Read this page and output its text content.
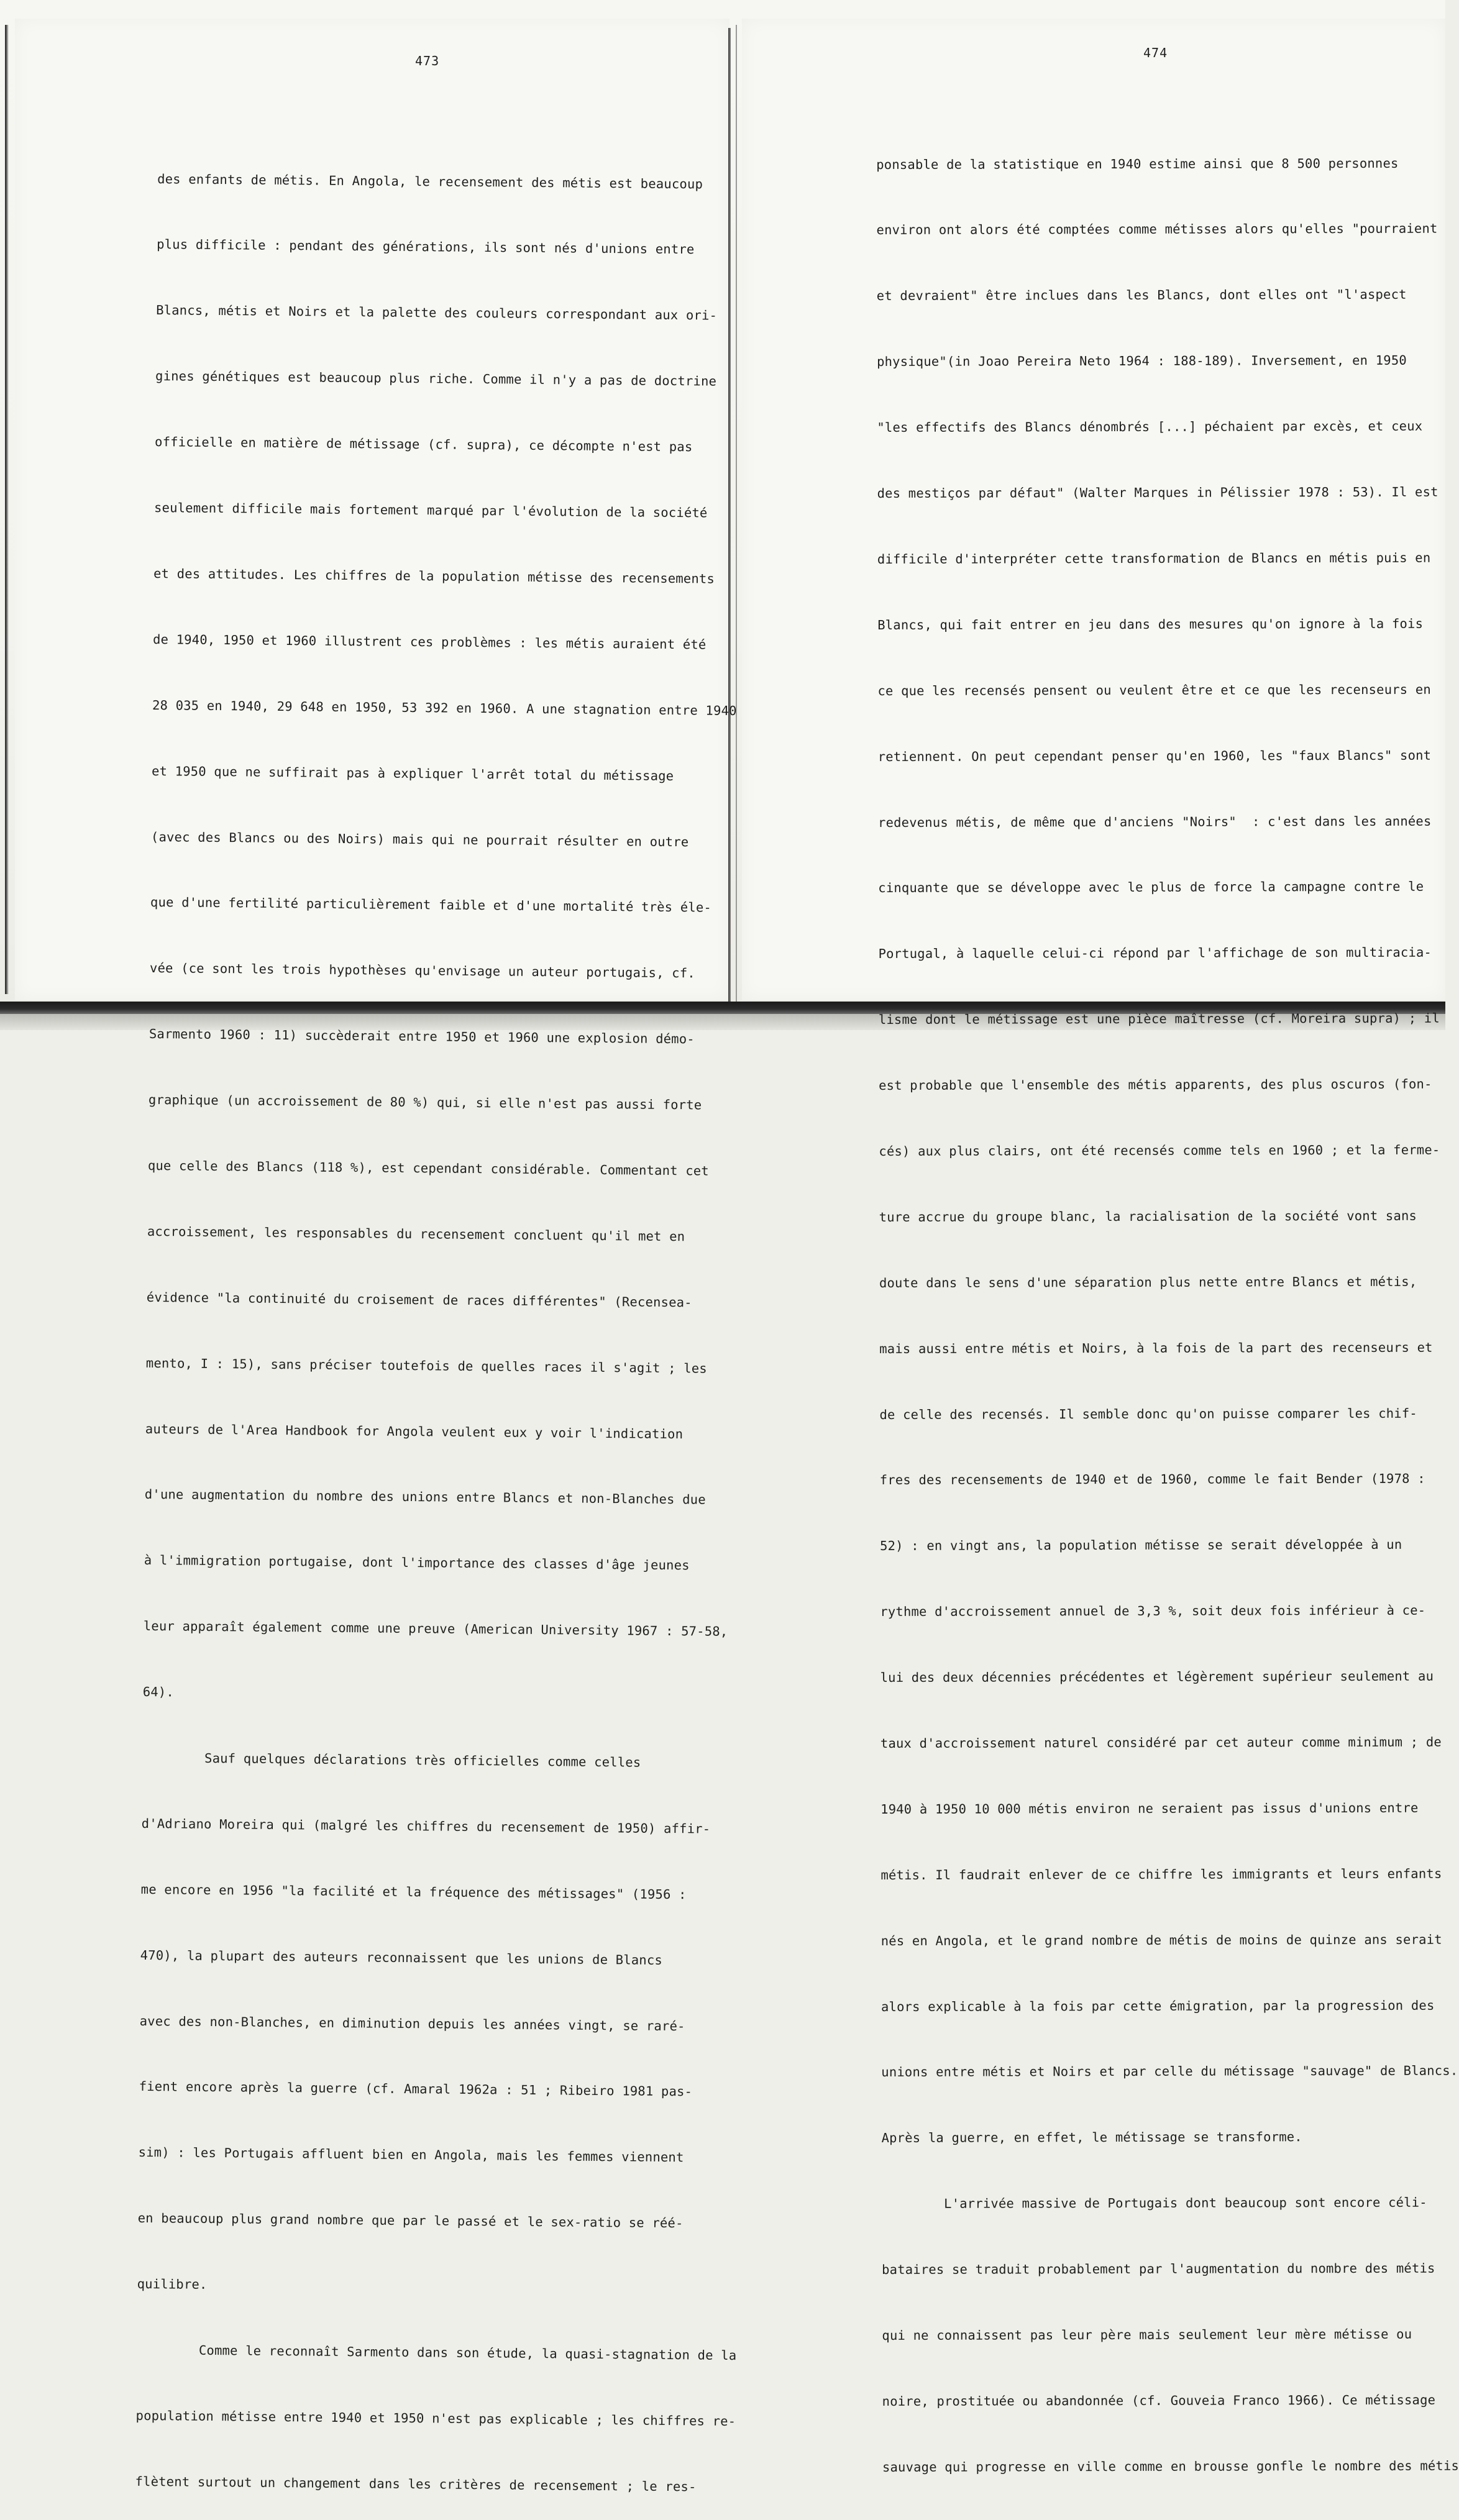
473
474

des enfants de métis. En Angola, le recensement des métis est beaucoup

plus difficile : pendant des générations, ils sont nés d'unions entre

Blancs, métis et Noirs et la palette des couleurs correspondant aux ori-

gines génétiques est beaucoup plus riche. Comme il n'y a pas de doctrine

officielle en matière de métissage (cf. supra), ce décompte n'est pas

seulement difficile mais fortement marqué par l'évolution de la société

et des attitudes. Les chiffres de la population métisse des recensements

de 1940, 1950 et 1960 illustrent ces problèmes : les métis auraient été

28 035 en 1940, 29 648 en 1950, 53 392 en 1960. A une stagnation entre 1940

et 1950 que ne suffirait pas à expliquer l'arrêt total du métissage

(avec des Blancs ou des Noirs) mais qui ne pourrait résulter en outre

que d'une fertilité particulièrement faible et d'une mortalité très éle-

vée (ce sont les trois hypothèses qu'envisage un auteur portugais, cf.

Sarmento 1960 : 11) succèderait entre 1950 et 1960 une explosion démo-

graphique (un accroissement de 80 %) qui, si elle n'est pas aussi forte

que celle des Blancs (118 %), est cependant considérable. Commentant cet

accroissement, les responsables du recensement concluent qu'il met en

évidence "la continuité du croisement de races différentes" (Recensea-

mento, I : 15), sans préciser toutefois de quelles races il s'agit ; les

auteurs de l'Area Handbook for Angola veulent eux y voir l'indication

d'une augmentation du nombre des unions entre Blancs et non-Blanches due

à l'immigration portugaise, dont l'importance des classes d'âge jeunes

leur apparaît également comme une preuve (American University 1967 : 57-58,

64).

Sauf quelques déclarations très officielles comme celles

d'Adriano Moreira qui (malgré les chiffres du recensement de 1950) affir-

me encore en 1956 "la facilité et la fréquence des métissages" (1956 :

470), la plupart des auteurs reconnaissent que les unions de Blancs

avec des non-Blanches, en diminution depuis les années vingt, se raré-

fient encore après la guerre (cf. Amaral 1962a : 51 ; Ribeiro 1981 pas-

sim) : les Portugais affluent bien en Angola, mais les femmes viennent

en beaucoup plus grand nombre que par le passé et le sex-ratio se réé-

quilibre.

Comme le reconnaît Sarmento dans son étude, la quasi-stagnation de la

population métisse entre 1940 et 1950 n'est pas explicable ; les chiffres re-

flètent surtout un changement dans les critères de recensement ; le res-

ponsable de la statistique en 1940 estime ainsi que 8 500 personnes

environ ont alors été comptées comme métisses alors qu'elles "pourraient

et devraient" être inclues dans les Blancs, dont elles ont "l'aspect

physique"(in Joao Pereira Neto 1964 : 188-189). Inversement, en 1950

"les effectifs des Blancs dénombrés [...] péchaient par excès, et ceux

des mestiços par défaut" (Walter Marques in Pélissier 1978 : 53). Il est

difficile d'interpréter cette transformation de Blancs en métis puis en

Blancs, qui fait entrer en jeu dans des mesures qu'on ignore à la fois

ce que les recensés pensent ou veulent être et ce que les recenseurs en

retiennent. On peut cependant penser qu'en 1960, les "faux Blancs" sont

redevenus métis, de même que d'anciens "Noirs"  : c'est dans les années

cinquante que se développe avec le plus de force la campagne contre le

Portugal, à laquelle celui-ci répond par l'affichage de son multiracia-

lisme dont le métissage est une pièce maîtresse (cf. Moreira supra) ; il

est probable que l'ensemble des métis apparents, des plus oscuros (fon-

cés) aux plus clairs, ont été recensés comme tels en 1960 ; et la ferme-

ture accrue du groupe blanc, la racialisation de la société vont sans

doute dans le sens d'une séparation plus nette entre Blancs et métis,

mais aussi entre métis et Noirs, à la fois de la part des recenseurs et

de celle des recensés. Il semble donc qu'on puisse comparer les chif-

fres des recensements de 1940 et de 1960, comme le fait Bender (1978 :

52) : en vingt ans, la population métisse se serait développée à un

rythme d'accroissement annuel de 3,3 %, soit deux fois inférieur à ce-

lui des deux décennies précédentes et légèrement supérieur seulement au

taux d'accroissement naturel considéré par cet auteur comme minimum ; de

1940 à 1950 10 000 métis environ ne seraient pas issus d'unions entre

métis. Il faudrait enlever de ce chiffre les immigrants et leurs enfants

nés en Angola, et le grand nombre de métis de moins de quinze ans serait

alors explicable à la fois par cette émigration, par la progression des

unions entre métis et Noirs et par celle du métissage "sauvage" de Blancs.

Après la guerre, en effet, le métissage se transforme.

L'arrivée massive de Portugais dont beaucoup sont encore céli-

bataires se traduit probablement par l'augmentation du nombre des métis

qui ne connaissent pas leur père mais seulement leur mère métisse ou

noire, prostituée ou abandonnée (cf. Gouveia Franco 1966). Ce métissage

sauvage qui progresse en ville comme en brousse gonfle le nombre des métis
